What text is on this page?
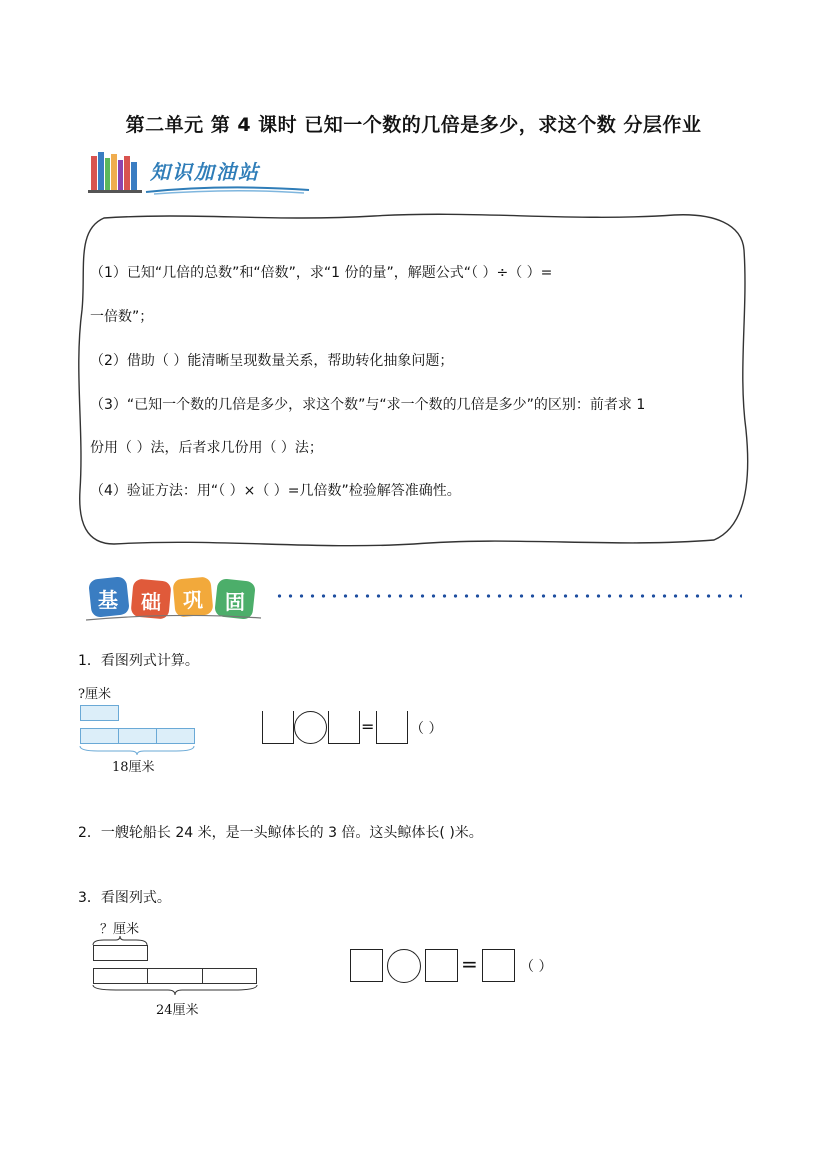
第二单元 第 4 课时 已知一个数的几倍是多少，求这个数 分层作业
知识加油站
（1）已知“几倍的总数”和“倍数”，求“1 份的量”，解题公式“（ ）÷（ ）=
一倍数”；
（2）借助（ ）能清晰呈现数量关系，帮助转化抽象问题；
（3）“已知一个数的几倍是多少，求这个数”与“求一个数的几倍是多少”的区别：前者求 1
份用（ ）法，后者求几份用（ ）法；
（4）验证方法：用“（ ）×（ ）=几倍数”检验解答准确性。
基 础 巩 固
1．看图列式计算。
?厘米
18厘米
=	（ ）
2．一艘轮船长 24 米，是一头鲸体长的 3 倍。这头鲸体长( )米。
3．看图列式。
？厘米
24厘米
=	（ ）
